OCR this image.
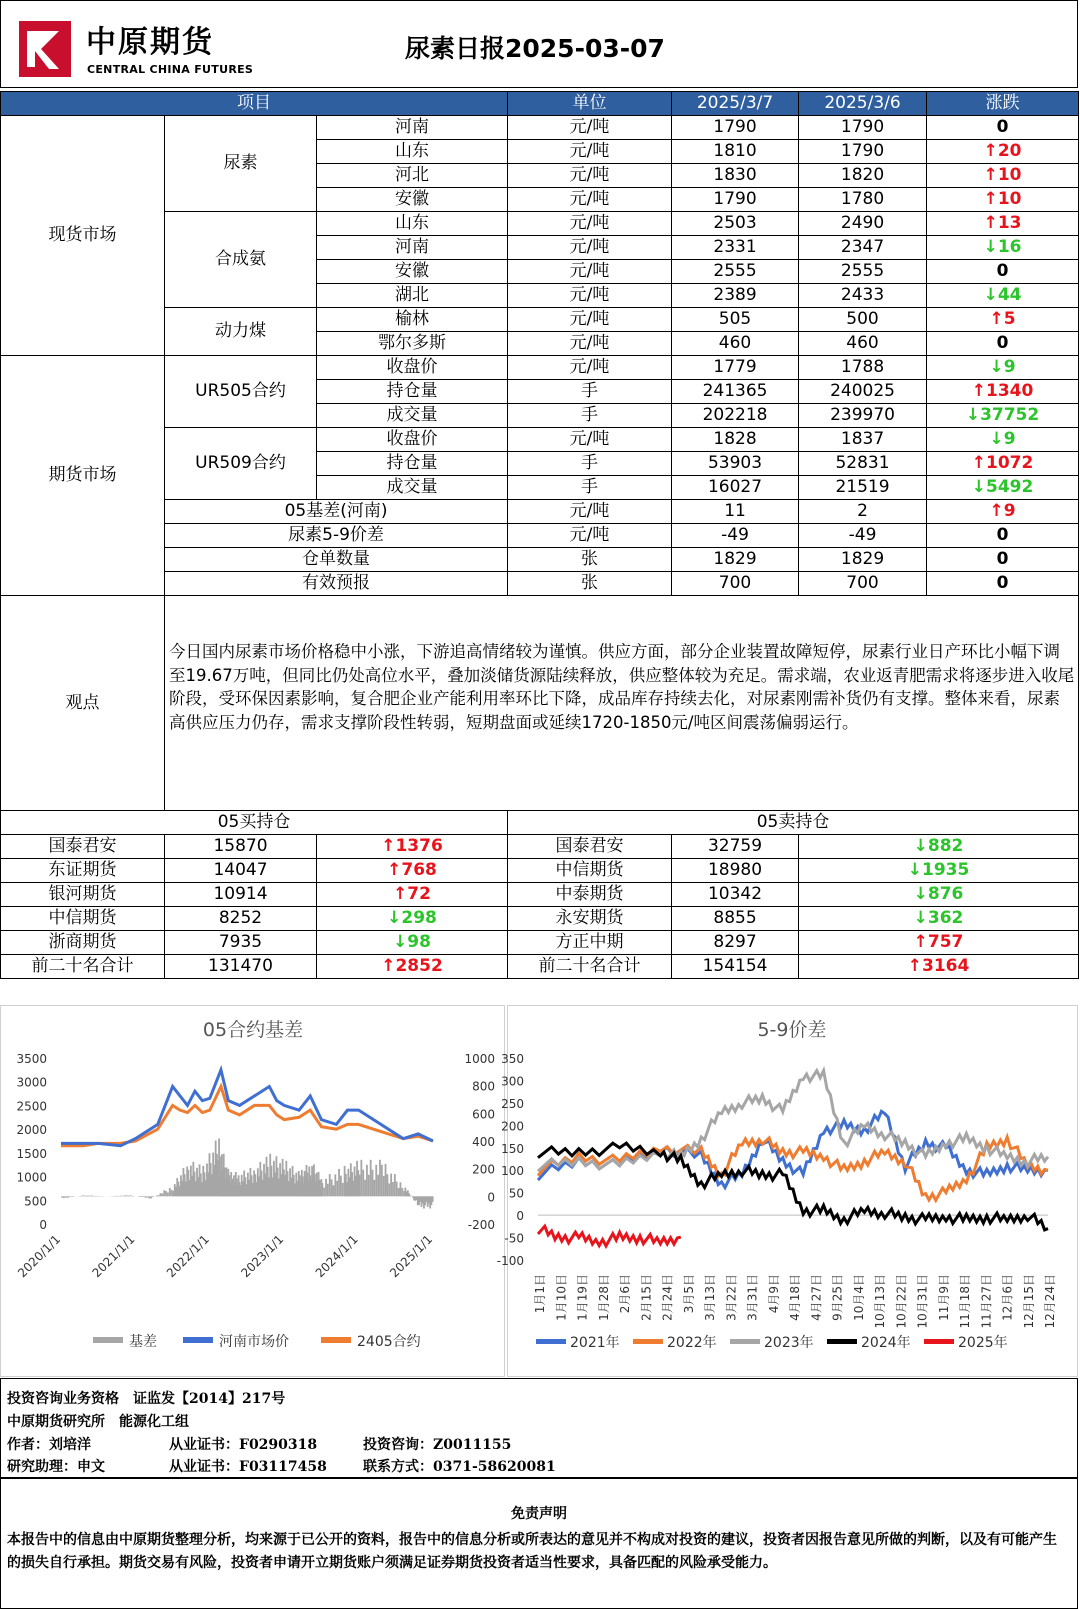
中原期货
CENTRAL CHINA FUTURES
尿素日报2025-03-07
项目			单位	2025/3/7	2025/3/6	涨跌
现货市场	尿素	河南	元/吨	1790	1790	0
		山东	元/吨	1810	1790	↑20
		河北	元/吨	1830	1820	↑10
		安徽	元/吨	1790	1780	↑10
	合成氨	山东	元/吨	2503	2490	↑13
		河南	元/吨	2331	2347	↓16
		安徽	元/吨	2555	2555	0
		湖北	元/吨	2389	2433	↓44
	动力煤	榆林	元/吨	505	500	↑5
		鄂尔多斯	元/吨	460	460	0
期货市场	UR505合约	收盘价	元/吨	1779	1788	↓9
		持仓量	手	241365	240025	↑1340
		成交量	手	202218	239970	↓37752
	UR509合约	收盘价	元/吨	1828	1837	↓9
		持仓量	手	53903	52831	↑1072
		成交量	手	16027	21519	↓5492
	05基差(河南)		元/吨	11	2	↑9
	尿素5-9价差		元/吨	-49	-49	0
	仓单数量		张	1829	1829	0
	有效预报		张	700	700	0
观点	今日国内尿素市场价格稳中小涨，下游追高情绪较为谨慎。供应方面，部分企业装置故障短停，尿素行业日产环比小幅下调至19.67万吨，但同比仍处高位水平，叠加淡储货源陆续释放，供应整体较为充足。需求端，农业返青肥需求将逐步进入收尾阶段，受环保因素影响，复合肥企业产能利用率环比下降，成品库存持续去化，对尿素刚需补货仍有支撑。整体来看，尿素高供应压力仍存，需求支撑阶段性转弱，短期盘面或延续1720-1850元/吨区间震荡偏弱运行。					
05买持仓			05卖持仓			
国泰君安	15870	↑1376	国泰君安	32759	↓882	
东证期货	14047	↑768	中信期货	18980	↓1935	
银河期货	10914	↑72	中泰期货	10342	↓876	
中信期货	8252	↓298	永安期货	8855	↓362	
浙商期货	7935	↓98	方正中期	8297	↑757	
前二十名合计	131470	↑2852	前二十名合计	154154	↑3164	
05合约基差
3500
3000
2500
2000
1500
1000
500
0
1000
800
600
400
200
0
-200
2020/1/1 2021/1/1 2022/1/1 2023/1/1 2024/1/1 2025/1/1
基差	河南市场价	2405合约
5-9价差
350
300
250
200
150
100
50
0
-50
-100
1月1日 1月10日 1月19日 1月28日 2月6日 2月15日 2月24日 3月5日 3月13日 3月22日 3月31日 4月9日 4月18日 4月27日 9月25日 10月4日 10月13日 10月22日 10月31日 11月9日 11月18日 11月27日 12月6日 12月15日 12月24日
2021年	2022年	2023年	2024年	2025年
投资咨询业务资格　证监发【2014】217号
中原期货研究所　能源化工组
作者：刘培洋	从业证书：F0290318	投资咨询：Z0011155
研究助理：申文	从业证书：F03117458	联系方式：0371-58620081
免责声明
本报告中的信息由中原期货整理分析，均来源于已公开的资料，报告中的信息分析或所表达的意见并不构成对投资的建议，投资者因报告意见所做的判断，以及有可能产生的损失自行承担。期货交易有风险，投资者申请开立期货账户须满足证券期货投资者适当性要求，具备匹配的风险承受能力。
